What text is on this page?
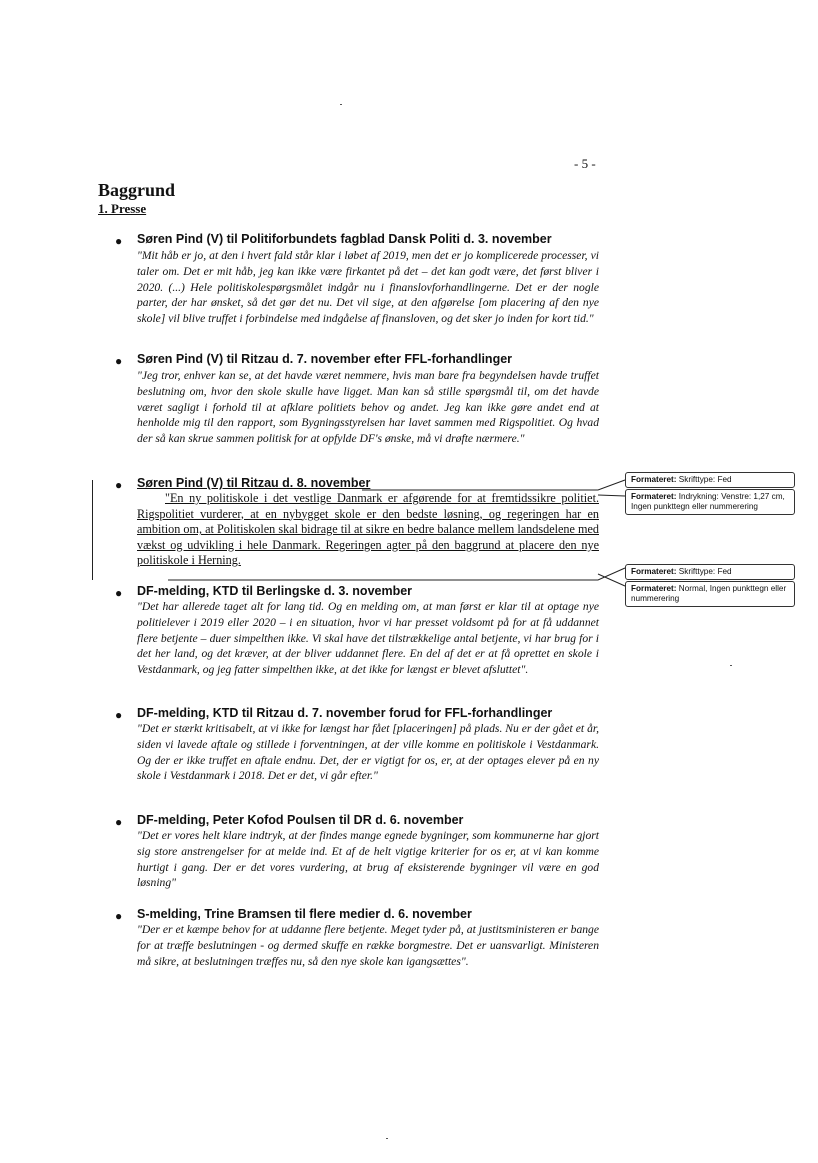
- 5 -
Baggrund
1. Presse
● Søren Pind (V) til Politiforbundets fagblad Dansk Politi d. 3. november
"Mit håb er jo, at den i hvert fald står klar i løbet af 2019, men det er jo komplicerede processer, vi taler om. Det er mit håb, jeg kan ikke være firkantet på det – det kan godt være, det først bliver i 2020. (...) Hele politiskolespørgsmålet indgår nu i finanslovforhandlingerne. Det er der nogle parter, der har ønsket, så det gør det nu. Det vil sige, at den afgørelse [om placering af den nye skole] vil blive truffet i forbindelse med indgåelse af finansloven, og det sker jo inden for kort tid."
● Søren Pind (V) til Ritzau d. 7. november efter FFL-forhandlinger
"Jeg tror, enhver kan se, at det havde været nemmere, hvis man bare fra begyndelsen havde truffet beslutning om, hvor den skole skulle have ligget. Man kan så stille spørgsmål til, om det havde været sagligt i forhold til at afklare politiets behov og andet. Jeg kan ikke gøre andet end at henholde mig til den rapport, som Bygningsstyrelsen har lavet sammen med Rigspolitiet. Og hvad der så kan skrue sammen politisk for at opfylde DF's ønske, må vi drøfte nærmere."
● Søren Pind (V) til Ritzau d. 8. november
"En ny politiskole i det vestlige Danmark er afgørende for at fremtidssikre politiet. Rigspolitiet vurderer, at en nybygget skole er den bedste løsning, og regeringen har en ambition om, at Politiskolen skal bidrage til at sikre en bedre balance mellem landsdelene med vækst og udvikling i hele Danmark. Regeringen agter på den baggrund at placere den nye politiskole i Herning.
● DF-melding, KTD til Berlingske d. 3. november
"Det har allerede taget alt for lang tid. Og en melding om, at man først er klar til at optage nye politielever i 2019 eller 2020 – i en situation, hvor vi har presset voldsomt på for at få uddannet flere betjente – duer simpelthen ikke. Vi skal have det tilstrækkelige antal betjente, vi har brug for i det her land, og det kræver, at der bliver uddannet flere. En del af det er at få oprettet en skole i Vestdanmark, og jeg fatter simpelthen ikke, at det ikke for længst er blevet afsluttet".
● DF-melding, KTD til Ritzau d. 7. november forud for FFL-forhandlinger
"Det er stærkt kritisabelt, at vi ikke for længst har fået [placeringen] på plads. Nu er der gået et år, siden vi lavede aftale og stillede i forventningen, at der ville komme en politiskole i Vestdanmark. Og der er ikke truffet en aftale endnu. Det, der er vigtigt for os, er, at der optages elever på en ny skole i Vestdanmark i 2018. Det er det, vi går efter."
● DF-melding, Peter Kofod Poulsen til DR d. 6. november
"Det er vores helt klare indtryk, at der findes mange egnede bygninger, som kommunerne har gjort sig store anstrengelser for at melde ind. Et af de helt vigtige kriterier for os er, at vi kan komme hurtigt i gang. Der er det vores vurdering, at brug af eksisterende bygninger vil være en god løsning"
● S-melding, Trine Bramsen til flere medier d. 6. november
"Der er et kæmpe behov for at uddanne flere betjente. Meget tyder på, at justitsministeren er bange for at træffe beslutningen - og dermed skuffe en række borgmestre. Det er uansvarligt. Ministeren må sikre, at beslutningen træffes nu, så den nye skole kan igangsættes".
Formateret: Skrifttype: Fed
Formateret: Indrykning: Venstre: 1,27 cm, Ingen punkttegn eller nummerering
Formateret: Skrifttype: Fed
Formateret: Normal, Ingen punkttegn eller nummerering
